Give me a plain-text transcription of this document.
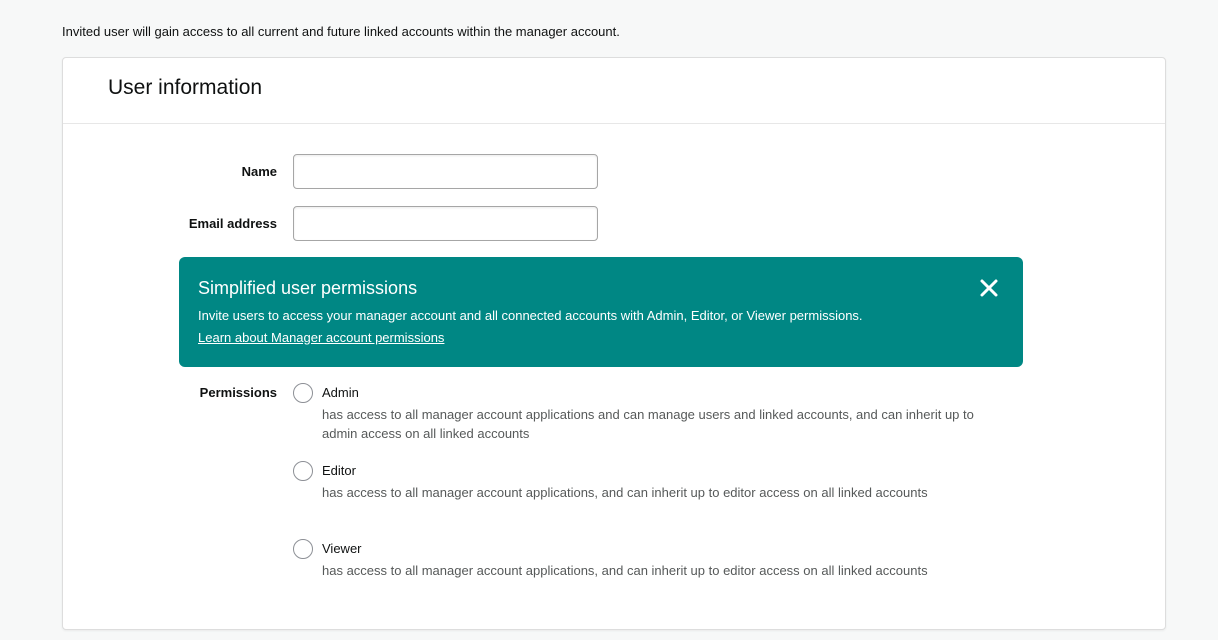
Invited user will gain access to all current and future linked accounts within the manager account.
User information
Name
Email address
Simplified user permissions
Invite users to access your manager account and all connected accounts with Admin, Editor, or Viewer permissions.
Learn about Manager account permissions
Permissions	Admin
has access to all manager account applications and can manage users and linked accounts, and can inherit up to admin access on all linked accounts
Editor
has access to all manager account applications, and can inherit up to editor access on all linked accounts
Viewer
has access to all manager account applications, and can inherit up to editor access on all linked accounts
